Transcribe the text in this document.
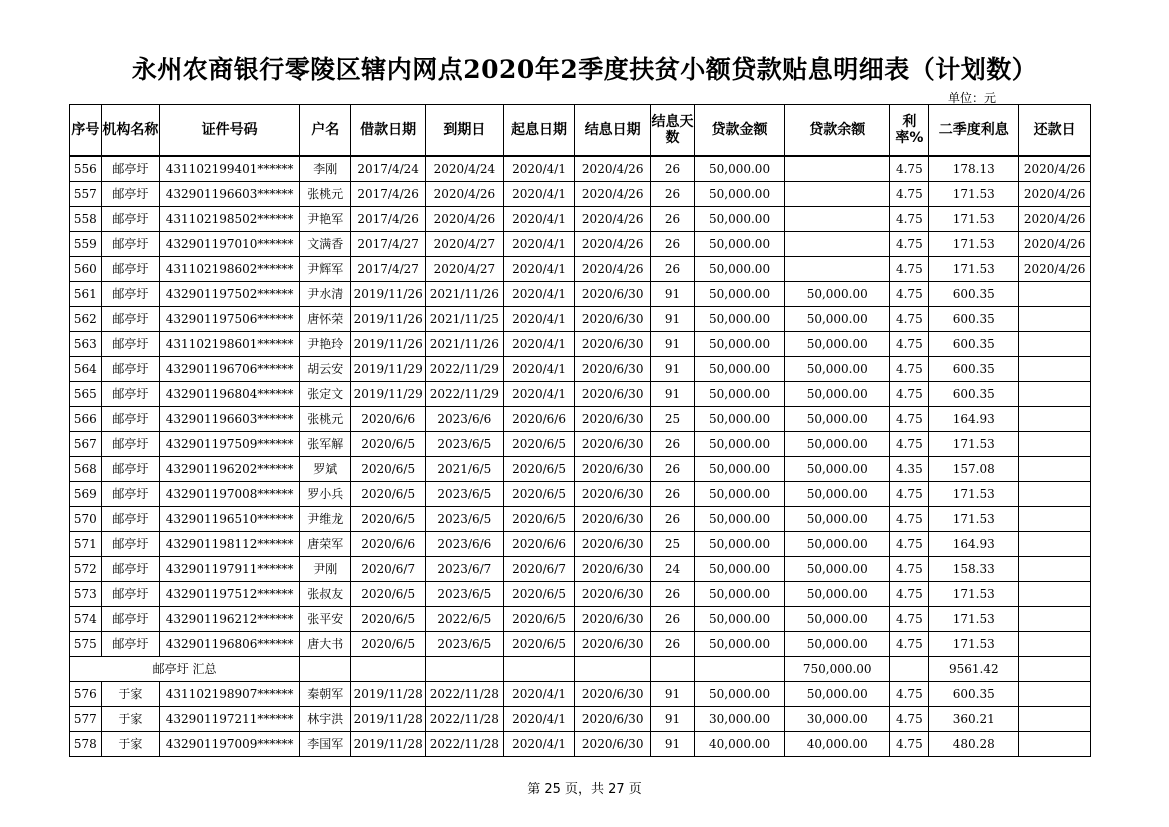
永州农商银行零陵区辖内网点2020年2季度扶贫小额贷款贴息明细表（计划数）
单位：元
序号	机构名称	证件号码	户名	借款日期	到期日	起息日期	结息日期	结息天数	贷款金额	贷款余额	利率%	二季度利息	还款日
556	邮亭圩	431102199401******	李刚	2017/4/24	2020/4/24	2020/4/1	2020/4/26	26	50,000.00		4.75	178.13	2020/4/26
557	邮亭圩	432901196603******	张桃元	2017/4/26	2020/4/26	2020/4/1	2020/4/26	26	50,000.00		4.75	171.53	2020/4/26
558	邮亭圩	431102198502******	尹艳军	2017/4/26	2020/4/26	2020/4/1	2020/4/26	26	50,000.00		4.75	171.53	2020/4/26
559	邮亭圩	432901197010******	文满香	2017/4/27	2020/4/27	2020/4/1	2020/4/26	26	50,000.00		4.75	171.53	2020/4/26
560	邮亭圩	431102198602******	尹辉军	2017/4/27	2020/4/27	2020/4/1	2020/4/26	26	50,000.00		4.75	171.53	2020/4/26
561	邮亭圩	432901197502******	尹水清	2019/11/26	2021/11/26	2020/4/1	2020/6/30	91	50,000.00	50,000.00	4.75	600.35	
562	邮亭圩	432901197506******	唐怀荣	2019/11/26	2021/11/25	2020/4/1	2020/6/30	91	50,000.00	50,000.00	4.75	600.35	
563	邮亭圩	431102198601******	尹艳玲	2019/11/26	2021/11/26	2020/4/1	2020/6/30	91	50,000.00	50,000.00	4.75	600.35	
564	邮亭圩	432901196706******	胡云安	2019/11/29	2022/11/29	2020/4/1	2020/6/30	91	50,000.00	50,000.00	4.75	600.35	
565	邮亭圩	432901196804******	张定文	2019/11/29	2022/11/29	2020/4/1	2020/6/30	91	50,000.00	50,000.00	4.75	600.35	
566	邮亭圩	432901196603******	张桃元	2020/6/6	2023/6/6	2020/6/6	2020/6/30	25	50,000.00	50,000.00	4.75	164.93	
567	邮亭圩	432901197509******	张军解	2020/6/5	2023/6/5	2020/6/5	2020/6/30	26	50,000.00	50,000.00	4.75	171.53	
568	邮亭圩	432901196202******	罗斌	2020/6/5	2021/6/5	2020/6/5	2020/6/30	26	50,000.00	50,000.00	4.35	157.08	
569	邮亭圩	432901197008******	罗小兵	2020/6/5	2023/6/5	2020/6/5	2020/6/30	26	50,000.00	50,000.00	4.75	171.53	
570	邮亭圩	432901196510******	尹维龙	2020/6/5	2023/6/5	2020/6/5	2020/6/30	26	50,000.00	50,000.00	4.75	171.53	
571	邮亭圩	432901198112******	唐荣军	2020/6/6	2023/6/6	2020/6/6	2020/6/30	25	50,000.00	50,000.00	4.75	164.93	
572	邮亭圩	432901197911******	尹刚	2020/6/7	2023/6/7	2020/6/7	2020/6/30	24	50,000.00	50,000.00	4.75	158.33	
573	邮亭圩	432901197512******	张叔友	2020/6/5	2023/6/5	2020/6/5	2020/6/30	26	50,000.00	50,000.00	4.75	171.53	
574	邮亭圩	432901196212******	张平安	2020/6/5	2022/6/5	2020/6/5	2020/6/30	26	50,000.00	50,000.00	4.75	171.53	
575	邮亭圩	432901196806******	唐大书	2020/6/5	2023/6/5	2020/6/5	2020/6/30	26	50,000.00	50,000.00	4.75	171.53	
邮亭圩 汇总										750,000.00		9561.42	
576	于家	431102198907******	秦朝军	2019/11/28	2022/11/28	2020/4/1	2020/6/30	91	50,000.00	50,000.00	4.75	600.35	
577	于家	432901197211******	林宇洪	2019/11/28	2022/11/28	2020/4/1	2020/6/30	91	30,000.00	30,000.00	4.75	360.21	
578	于家	432901197009******	李国军	2019/11/28	2022/11/28	2020/4/1	2020/6/30	91	40,000.00	40,000.00	4.75	480.28	
第 25 页，共 27 页
